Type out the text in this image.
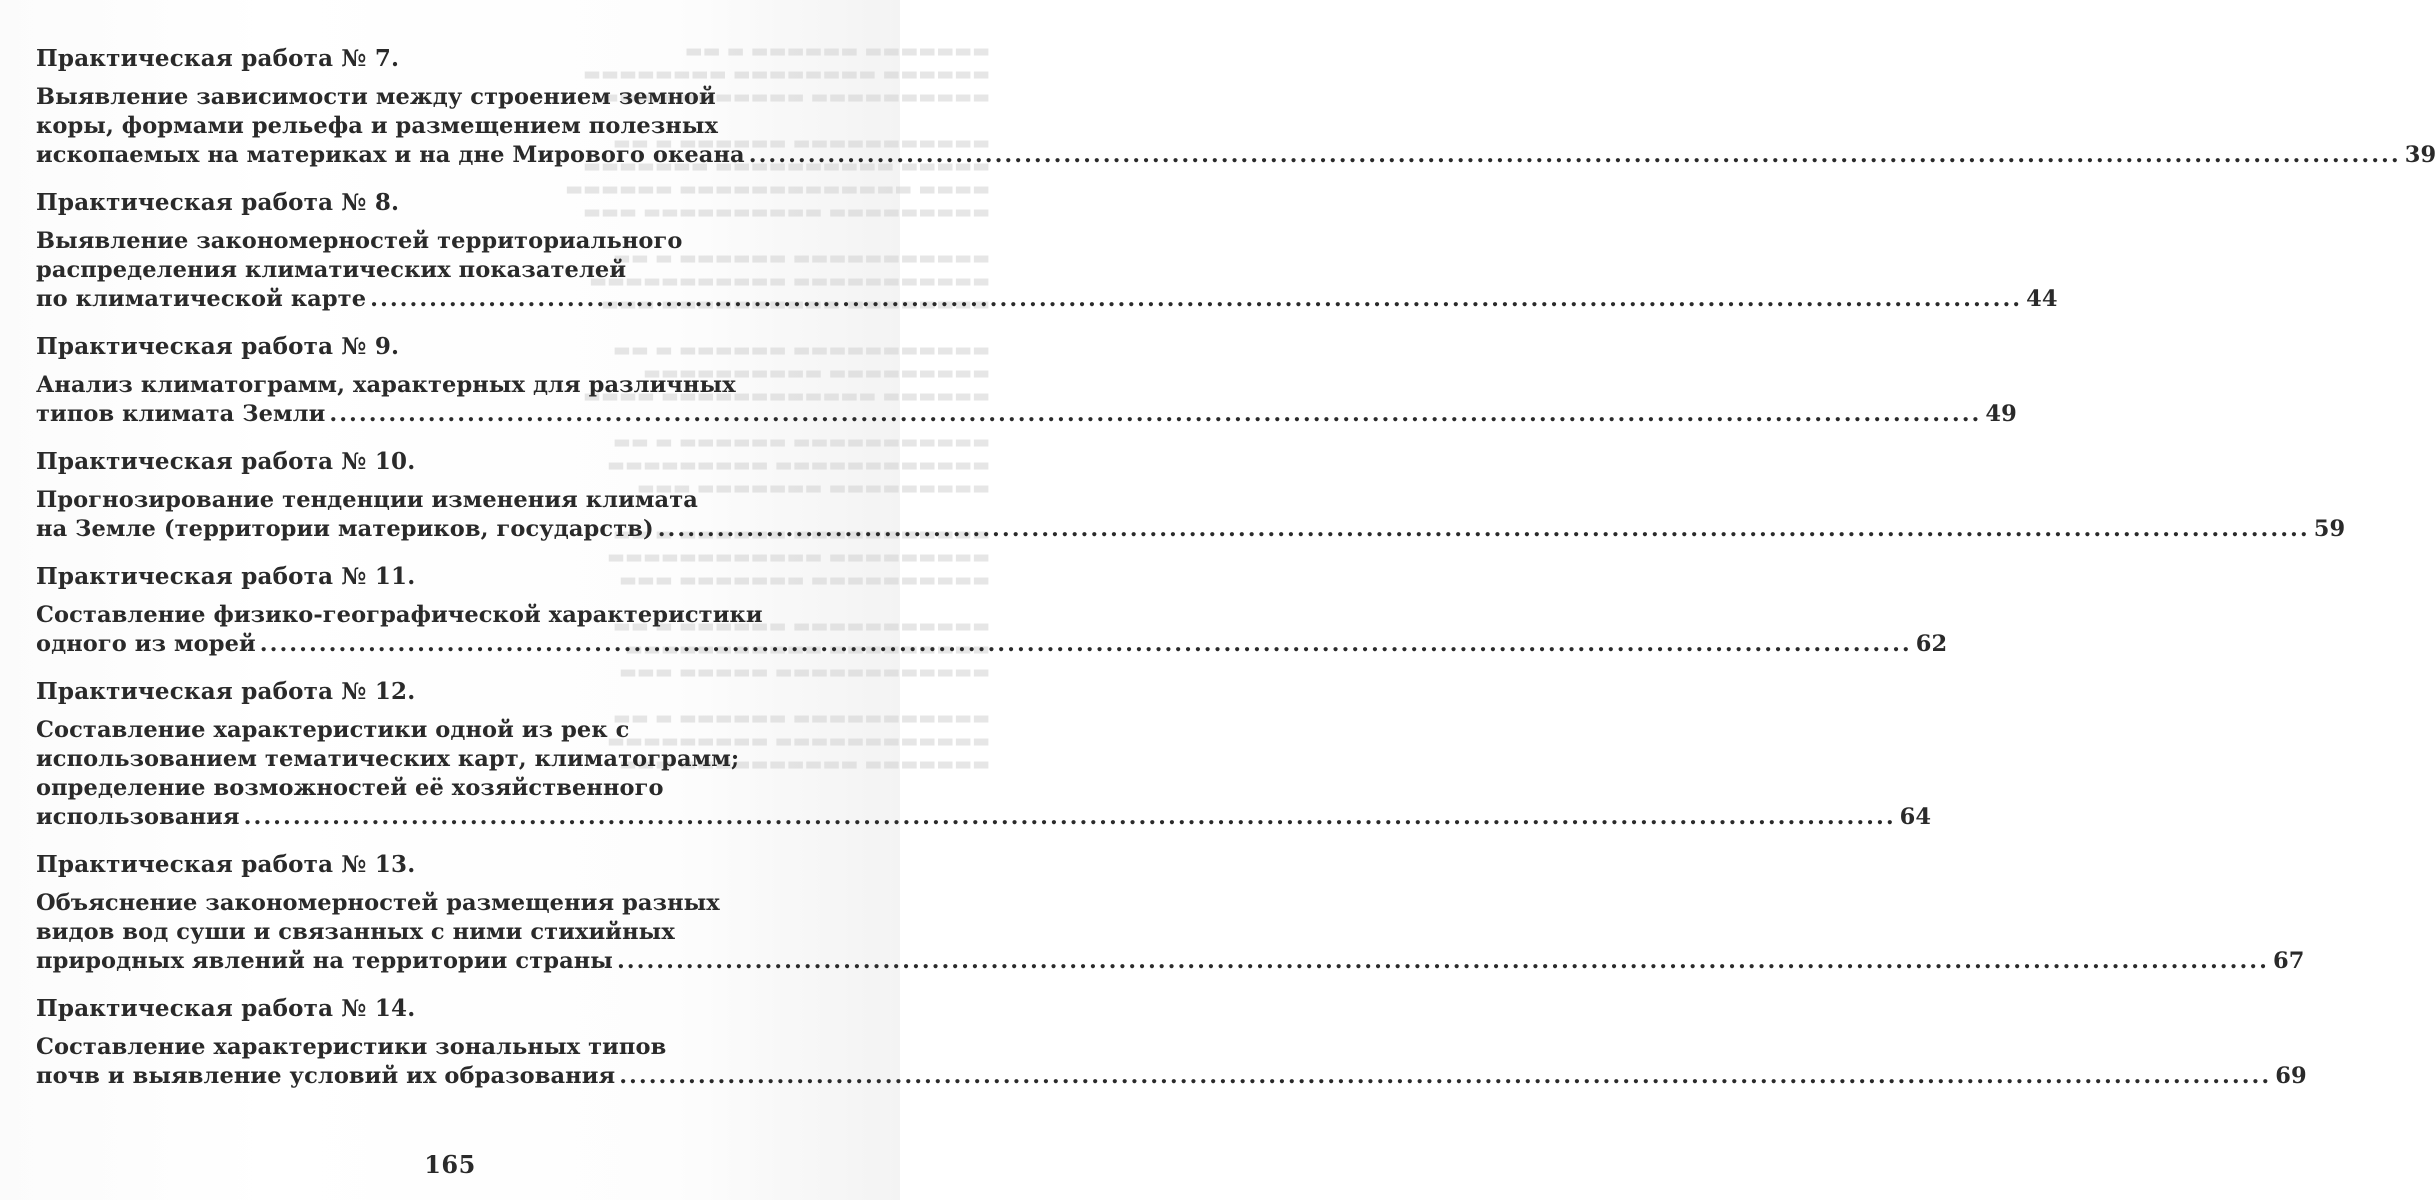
▬▬▬▬▬▬▬ ▬▬▬▬▬▬ ▬ ▬▬
▬▬▬▬▬▬ ▬▬▬▬▬▬▬▬ ▬▬▬▬▬▬▬▬
▬▬▬▬▬▬▬▬▬▬ ▬▬▬▬▬▬▬ ▬▬▬▬

▬▬▬▬▬▬▬▬▬▬▬ ▬▬▬▬▬▬ ▬ ▬▬
▬▬▬▬▬ ▬▬▬▬▬▬▬▬▬▬ ▬▬▬▬▬▬▬
▬▬▬▬ ▬▬▬▬▬▬▬▬▬▬▬▬▬ ▬▬▬▬▬▬
▬▬▬▬▬▬▬▬▬ ▬▬▬▬▬▬▬▬▬▬ ▬▬▬

▬▬▬▬▬▬▬▬▬▬▬ ▬▬▬▬▬▬ ▬ ▬▬
▬▬▬▬▬▬▬▬▬▬▬ ▬▬▬▬▬▬▬▬▬▬▬
▬▬▬▬▬▬▬▬ ▬▬▬▬▬▬▬▬▬▬ ▬▬▬

▬▬▬▬▬▬▬▬▬▬▬ ▬▬▬▬▬▬ ▬ ▬▬
▬▬▬▬▬▬▬▬▬ ▬▬▬▬▬▬▬▬▬▬
▬▬▬▬▬▬ ▬▬▬▬▬▬▬▬▬▬▬▬ ▬▬▬▬

▬▬▬▬▬▬▬▬▬▬▬ ▬▬▬▬▬▬ ▬ ▬▬
▬▬▬▬▬▬▬▬▬▬▬▬ ▬▬▬▬▬▬▬▬▬
▬▬▬▬▬▬▬▬▬ ▬▬▬▬▬▬▬ ▬▬▬

▬▬▬▬▬▬▬▬▬▬▬ ▬▬▬▬▬▬ ▬ ▬▬
▬▬▬▬▬▬▬▬▬ ▬▬▬▬▬▬▬▬▬▬▬▬
▬▬▬▬▬▬▬▬▬▬ ▬▬▬▬▬▬▬ ▬▬▬

▬▬▬▬▬▬▬▬▬▬▬ ▬▬▬▬▬▬ ▬ ▬▬
▬▬▬▬▬▬▬▬▬ ▬▬▬▬▬▬▬▬▬▬▬
▬▬▬▬▬▬▬▬▬▬▬▬ ▬▬▬▬▬ ▬▬▬

▬▬▬▬▬▬▬▬▬▬▬ ▬▬▬▬▬▬ ▬ ▬▬
▬▬▬▬▬▬▬▬▬▬▬▬ ▬▬▬▬▬▬▬▬▬
▬▬▬▬▬▬▬ ▬▬▬▬▬▬▬▬▬▬ ▬▬▬
Практическая работа № 7.
Выявление зависимости между строением земной
коры, формами рельефа и размещением полезных
ископаемых на материках и на дне Мирового океана .....	39
Практическая работа № 8.
Выявление закономерностей территориального
распределения климатических показателей
по климатической карте .....	44
Практическая работа № 9.
Анализ климатограмм, характерных для различных
типов климата Земли .....	49
Практическая работа № 10.
Прогнозирование тенденции изменения климата
на Земле (территории материков, государств) .....	59
Практическая работа № 11.
Составление физико-географической характеристики
одного из морей .....	62
Практическая работа № 12.
Составление характеристики одной из рек с
использованием тематических карт, климатограмм;
определение возможностей её хозяйственного
использования .....	64
Практическая работа № 13.
Объяснение закономерностей размещения разных
видов вод суши и связанных с ними стихийных
природных явлений на территории страны .....	67
Практическая работа № 14.
Составление характеристики зональных типов
почв и выявление условий их образования .....	69
165
